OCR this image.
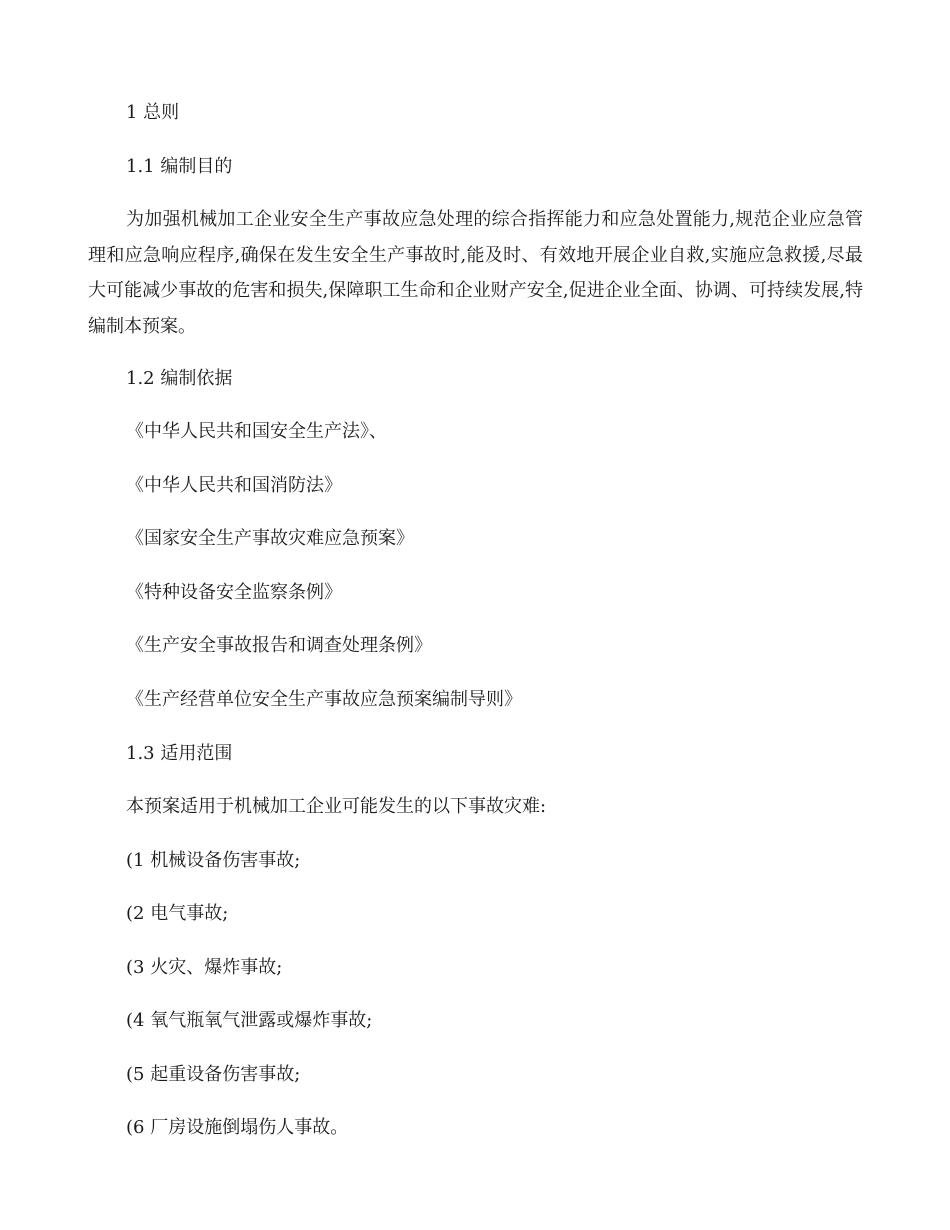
1 总则
1.1 编制目的
为加强机械加工企业安全生产事故应急处理的综合指挥能力和应急处置能力,规范企业应急管理和应急响应程序,确保在发生安全生产事故时,能及时、有效地开展企业自救,实施应急救援,尽最大可能减少事故的危害和损失,保障职工生命和企业财产安全,促进企业全面、协调、可持续发展,特编制本预案。
1.2 编制依据
《中华人民共和国安全生产法》、
《中华人民共和国消防法》
《国家安全生产事故灾难应急预案》
《特种设备安全监察条例》
《生产安全事故报告和调查处理条例》
《生产经营单位安全生产事故应急预案编制导则》
1.3 适用范围
本预案适用于机械加工企业可能发生的以下事故灾难:
(1 机械设备伤害事故;
(2 电气事故;
(3 火灾、爆炸事故;
(4 氧气瓶氧气泄露或爆炸事故;
(5 起重设备伤害事故;
(6 厂房设施倒塌伤人事故。
